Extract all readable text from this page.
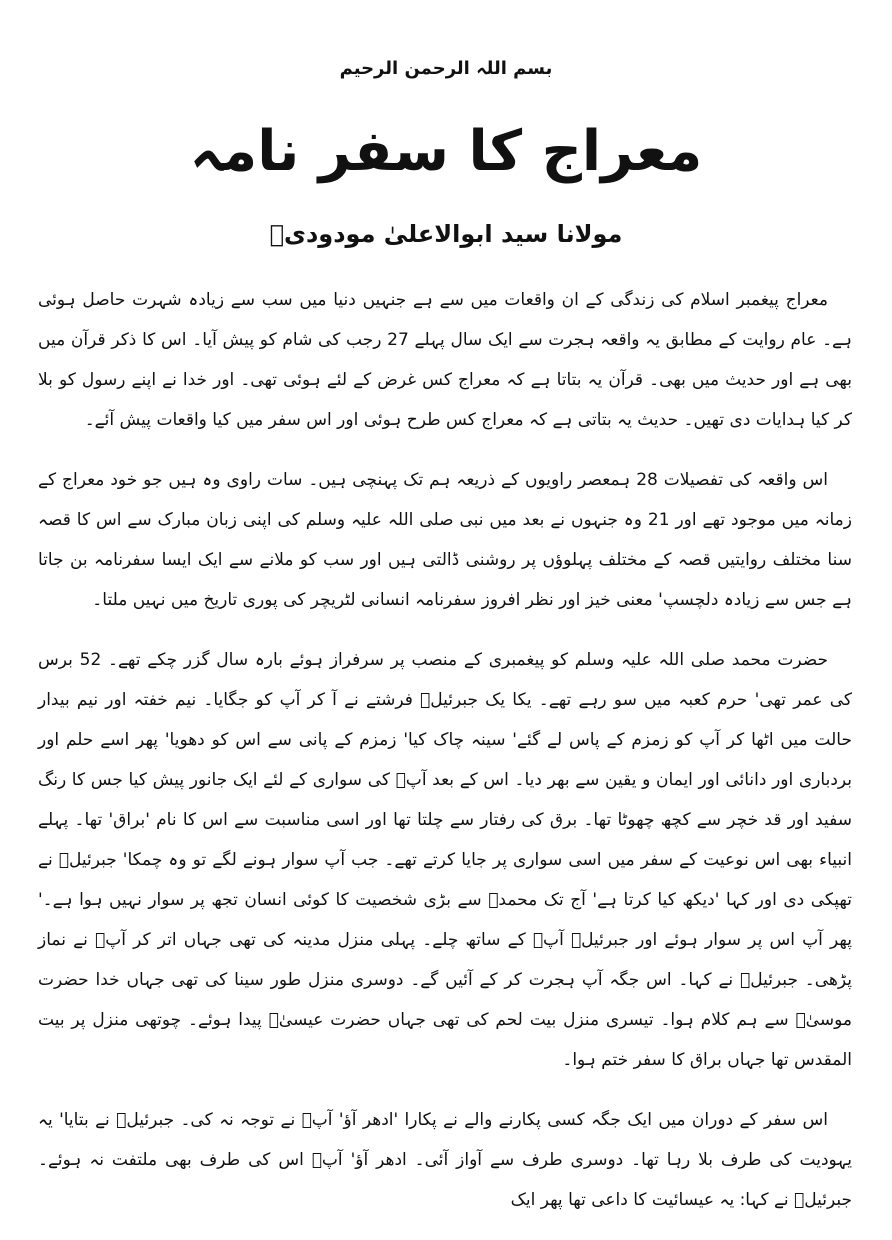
بسم اللہ الرحمن الرحیم
معراج کا سفر نامہ
مولانا سید ابوالاعلیٰ مودودیؒ

معراج پیغمبر اسلام کی زندگی کے ان واقعات میں سے ہے جنہیں دنیا میں سب سے زیادہ شہرت حاصل ہوئی ہے۔ عام روایت کے مطابق یہ واقعہ ہجرت سے ایک سال پہلے 27 رجب کی شام کو پیش آیا۔ اس کا ذکر قرآن میں بھی ہے اور حدیث میں بھی۔ قرآن یہ بتاتا ہے کہ معراج کس غرض کے لئے ہوئی تھی۔ اور خدا نے اپنے رسول کو بلا کر کیا ہدایات دی تھیں۔ حدیث یہ بتاتی ہے کہ معراج کس طرح ہوئی اور اس سفر میں کیا واقعات پیش آئے۔

اس واقعہ کی تفصیلات 28 ہمعصر راویوں کے ذریعہ ہم تک پہنچی ہیں۔ سات راوی وہ ہیں جو خود معراج کے زمانہ میں موجود تھے اور 21 وہ جنہوں نے بعد میں نبی صلی اللہ علیہ وسلم کی اپنی زبان مبارک سے اس کا قصہ سنا مختلف روایتیں قصہ کے مختلف پہلوؤں پر روشنی ڈالتی ہیں اور سب کو ملانے سے ایک ایسا سفرنامہ بن جاتا ہے جس سے زیادہ دلچسپ' معنی خیز اور نظر افروز سفرنامہ انسانی لٹریچر کی پوری تاریخ میں نہیں ملتا۔

حضرت محمد صلی اللہ علیہ وسلم کو پیغمبری کے منصب پر سرفراز ہوئے بارہ سال گزر چکے تھے۔ 52 برس کی عمر تھی' حرم کعبہ میں سو رہے تھے۔ یکا یک جبرئیلؑ فرشتے نے آ کر آپ کو جگایا۔ نیم خفتہ اور نیم بیدار حالت میں اٹھا کر آپ کو زمزم کے پاس لے گئے' سینہ چاک کیا' زمزم کے پانی سے اس کو دھویا' پھر اسے حلم اور بردباری اور دانائی اور ایمان و یقین سے بھر دیا۔ اس کے بعد آپؐ کی سواری کے لئے ایک جانور پیش کیا جس کا رنگ سفید اور قد خچر سے کچھ چھوٹا تھا۔ برق کی رفتار سے چلتا تھا اور اسی مناسبت سے اس کا نام 'براق' تھا۔ پہلے انبیاء بھی اس نوعیت کے سفر میں اسی سواری پر جایا کرتے تھے۔ جب آپ سوار ہونے لگے تو وہ چمکا' جبرئیلؑ نے تھپکی دی اور کہا 'دیکھ کیا کرتا ہے' آج تک محمدؐ سے بڑی شخصیت کا کوئی انسان تجھ پر سوار نہیں ہوا ہے۔' پھر آپ اس پر سوار ہوئے اور جبرئیلؑ آپؐ کے ساتھ چلے۔ پہلی منزل مدینہ کی تھی جہاں اتر کر آپؐ نے نماز پڑھی۔ جبرئیلؑ نے کہا۔ اس جگہ آپ ہجرت کر کے آئیں گے۔ دوسری منزل طور سینا کی تھی جہاں خدا حضرت موسیٰؑ سے ہم کلام ہوا۔ تیسری منزل بیت لحم کی تھی جہاں حضرت عیسیٰؑ پیدا ہوئے۔ چوتھی منزل پر بیت المقدس تھا جہاں براق کا سفر ختم ہوا۔

اس سفر کے دوران میں ایک جگہ کسی پکارنے والے نے پکارا 'ادھر آؤ' آپؐ نے توجہ نہ کی۔ جبرئیلؑ نے بتایا' یہ یہودیت کی طرف بلا رہا تھا۔ دوسری طرف سے آواز آئی۔ ادھر آؤ' آپؐ اس کی طرف بھی ملتفت نہ ہوئے۔ جبرئیلؑ نے کہا: یہ عیسائیت کا داعی تھا پھر ایک
